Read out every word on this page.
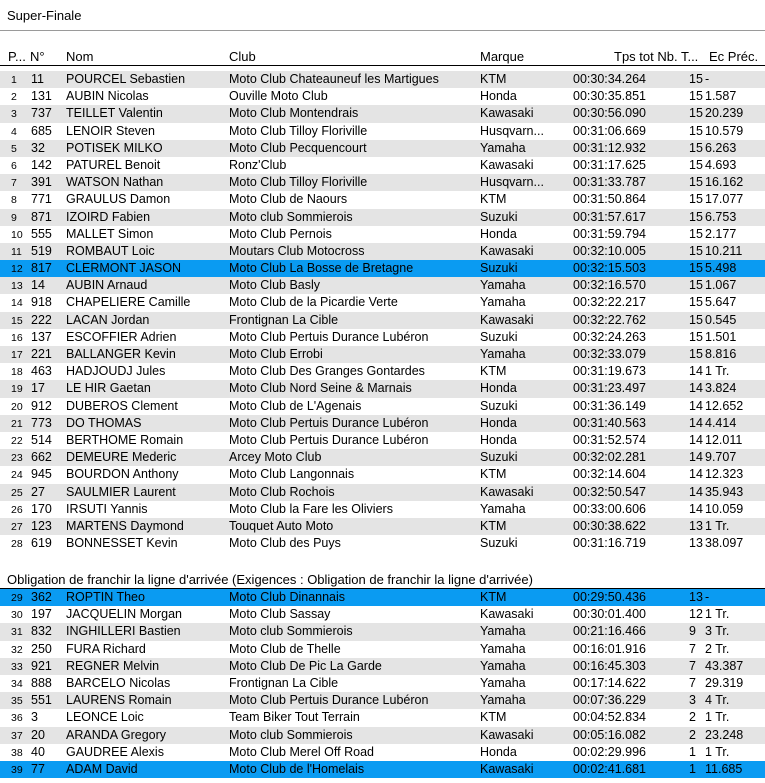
Super-Finale
P... N° Nom	Club	Marque	Tps tot Nb. T... Ec Préc.
1 11 POURCEL Sebastien	Moto Club Chateauneuf les Martigues	KTM	00:30:34.264	15 -
2 131 AUBIN Nicolas	Ouville Moto Club	Honda	00:30:35.851	15 1.587
3 737 TEILLET Valentin	Moto Club Montendrais	Kawasaki	00:30:56.090	15 20.239
4 685 LENOIR Steven	Moto Club Tilloy Floriville	Husqvarn... 00:31:06.669	15 10.579
5 32 POTISEK MILKO	Moto Club Pecquencourt	Yamaha	00:31:12.932	15 6.263
6 142 PATUREL Benoit	Ronz'Club	Kawasaki	00:31:17.625	15 4.693
7 391 WATSON Nathan	Moto Club Tilloy Floriville	Husqvarn... 00:31:33.787	15 16.162
8 771 GRAULUS Damon	Moto Club de Naours	KTM	00:31:50.864	15 17.077
9 871 IZOIRD Fabien	Moto club Sommierois	Suzuki	00:31:57.617	15 6.753
10 555 MALLET Simon	Moto Club Pernois	Honda	00:31:59.794	15 2.177
11 519 ROMBAUT Loic	Moutars Club Motocross	Kawasaki	00:32:10.005	15 10.211
12 817 CLERMONT JASON	Moto Club La Bosse de Bretagne	Suzuki	00:32:15.503	15 5.498
13 14 AUBIN Arnaud	Moto Club Basly	Yamaha	00:32:16.570	15 1.067
14 918 CHAPELIERE Camille	Moto Club de la Picardie Verte	Yamaha	00:32:22.217	15 5.647
15 222 LACAN Jordan	Frontignan La Cible	Kawasaki	00:32:22.762	15 0.545
16 137 ESCOFFIER Adrien	Moto Club Pertuis Durance Lubéron	Suzuki	00:32:24.263	15 1.501
17 221 BALLANGER Kevin	Moto Club Errobi	Yamaha	00:32:33.079	15 8.816
18 463 HADJOUDJ Jules	Moto Club Des Granges Gontardes	KTM	00:31:19.673	14 1 Tr.
19 17 LE HIR Gaetan	Moto Club Nord Seine & Marnais	Honda	00:31:23.497	14 3.824
20 912 DUBEROS Clement	Moto Club de L'Agenais	Suzuki	00:31:36.149	14 12.652
21 773 DO THOMAS	Moto Club Pertuis Durance Lubéron	Honda	00:31:40.563	14 4.414
22 514 BERTHOME Romain	Moto Club Pertuis Durance Lubéron	Honda	00:31:52.574	14 12.011
23 662 DEMEURE Mederic	Arcey Moto Club	Suzuki	00:32:02.281	14 9.707
24 945 BOURDON Anthony	Moto Club Langonnais	KTM	00:32:14.604	14 12.323
25 27 SAULMIER Laurent	Moto Club Rochois	Kawasaki	00:32:50.547	14 35.943
26 170 IRSUTI Yannis	Moto Club la Fare les Oliviers	Yamaha	00:33:00.606	14 10.059
27 123 MARTENS Daymond	Touquet Auto Moto	KTM	00:30:38.622	13 1 Tr.
28 619 BONNESSET Kevin	Moto Club des Puys	Suzuki	00:31:16.719	13 38.097
Obligation de franchir la ligne d'arrivée (Exigences : Obligation de franchir la ligne d'arrivée)
29 362 ROPTIN Theo	Moto Club Dinannais	KTM	00:29:50.436	13 -
30 197 JACQUELIN Morgan	Moto Club Sassay	Kawasaki	00:30:01.400	12 1 Tr.
31 832 INGHILLERI Bastien	Moto club Sommierois	Yamaha	00:21:16.466	9 3 Tr.
32 250 FURA Richard	Moto Club de Thelle	Yamaha	00:16:01.916	7 2 Tr.
33 921 REGNER Melvin	Moto Club De Pic La Garde	Yamaha	00:16:45.303	7 43.387
34 888 BARCELO Nicolas	Frontignan La Cible	Yamaha	00:17:14.622	7 29.319
35 551 LAURENS Romain	Moto Club Pertuis Durance Lubéron	Yamaha	00:07:36.229	3 4 Tr.
36 3 LEONCE Loic	Team Biker Tout Terrain	KTM	00:04:52.834	2 1 Tr.
37 20 ARANDA Gregory	Moto club Sommierois	Kawasaki	00:05:16.082	2 23.248
38 40 GAUDREE Alexis	Moto Club Merel Off Road	Honda	00:02:29.996	1 1 Tr.
39 77 ADAM David	Moto Club de l'Homelais	Kawasaki	00:02:41.681	1 11.685
